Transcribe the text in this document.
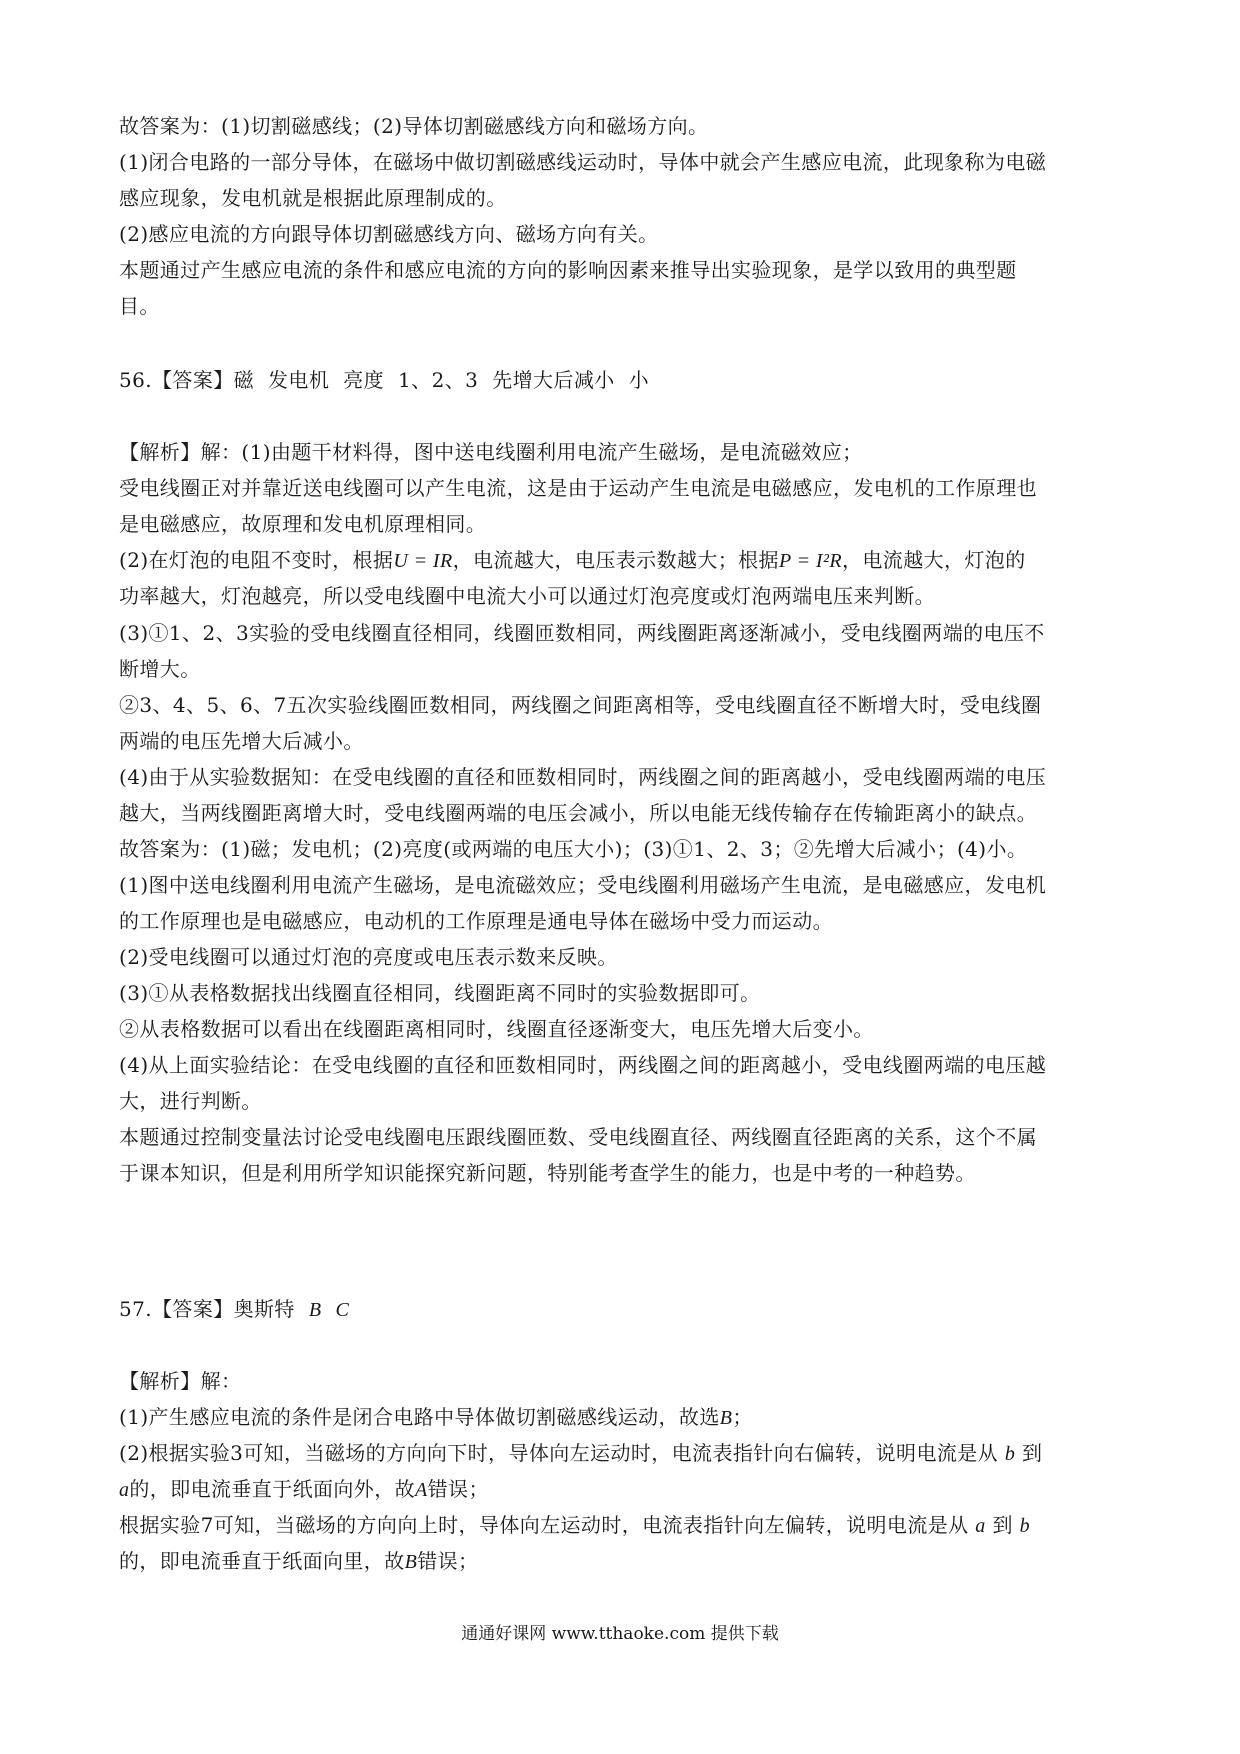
故答案为：(1)切割磁感线；(2)导体切割磁感线方向和磁场方向。
(1)闭合电路的一部分导体，在磁场中做切割磁感线运动时，导体中就会产生感应电流，此现象称为电磁
感应现象，发电机就是根据此原理制成的。
(2)感应电流的方向跟导体切割磁感线方向、磁场方向有关。
本题通过产生感应电流的条件和感应电流的方向的影响因素来推导出实验现象，是学以致用的典型题
目。
56.【答案】磁 发电机 亮度 1、2、3 先增大后减小 小
【解析】解：(1)由题干材料得，图中送电线圈利用电流产生磁场，是电流磁效应；
受电线圈正对并靠近送电线圈可以产生电流，这是由于运动产生电流是电磁感应，发电机的工作原理也
是电磁感应，故原理和发电机原理相同。
(2)在灯泡的电阻不变时，根据U = IR，电流越大，电压表示数越大；根据P = I²R，电流越大，灯泡的
功率越大，灯泡越亮，所以受电线圈中电流大小可以通过灯泡亮度或灯泡两端电压来判断。
(3)①1、2、3实验的受电线圈直径相同，线圈匝数相同，两线圈距离逐渐减小，受电线圈两端的电压不
断增大。
②3、4、5、6、7五次实验线圈匝数相同，两线圈之间距离相等，受电线圈直径不断增大时，受电线圈
两端的电压先增大后减小。
(4)由于从实验数据知：在受电线圈的直径和匝数相同时，两线圈之间的距离越小，受电线圈两端的电压
越大，当两线圈距离增大时，受电线圈两端的电压会减小，所以电能无线传输存在传输距离小的缺点。
故答案为：(1)磁；发电机；(2)亮度(或两端的电压大小)；(3)①1、2、3；②先增大后减小；(4)小。
(1)图中送电线圈利用电流产生磁场，是电流磁效应；受电线圈利用磁场产生电流，是电磁感应，发电机
的工作原理也是电磁感应，电动机的工作原理是通电导体在磁场中受力而运动。
(2)受电线圈可以通过灯泡的亮度或电压表示数来反映。
(3)①从表格数据找出线圈直径相同，线圈距离不同时的实验数据即可。
②从表格数据可以看出在线圈距离相同时，线圈直径逐渐变大，电压先增大后变小。
(4)从上面实验结论：在受电线圈的直径和匝数相同时，两线圈之间的距离越小，受电线圈两端的电压越
大，进行判断。
本题通过控制变量法讨论受电线圈电压跟线圈匝数、受电线圈直径、两线圈直径距离的关系，这个不属
于课本知识，但是利用所学知识能探究新问题，特别能考查学生的能力，也是中考的一种趋势。
57.【答案】奥斯特 B C
【解析】解：
(1)产生感应电流的条件是闭合电路中导体做切割磁感线运动，故选B；
(2)根据实验3可知，当磁场的方向向下时，导体向左运动时，电流表指针向右偏转，说明电流是从 b 到
a的，即电流垂直于纸面向外，故A错误；
根据实验7可知，当磁场的方向向上时，导体向左运动时，电流表指针向左偏转，说明电流是从 a 到 b
的，即电流垂直于纸面向里，故B错误；
通通好课网 www.tthaoke.com 提供下载
